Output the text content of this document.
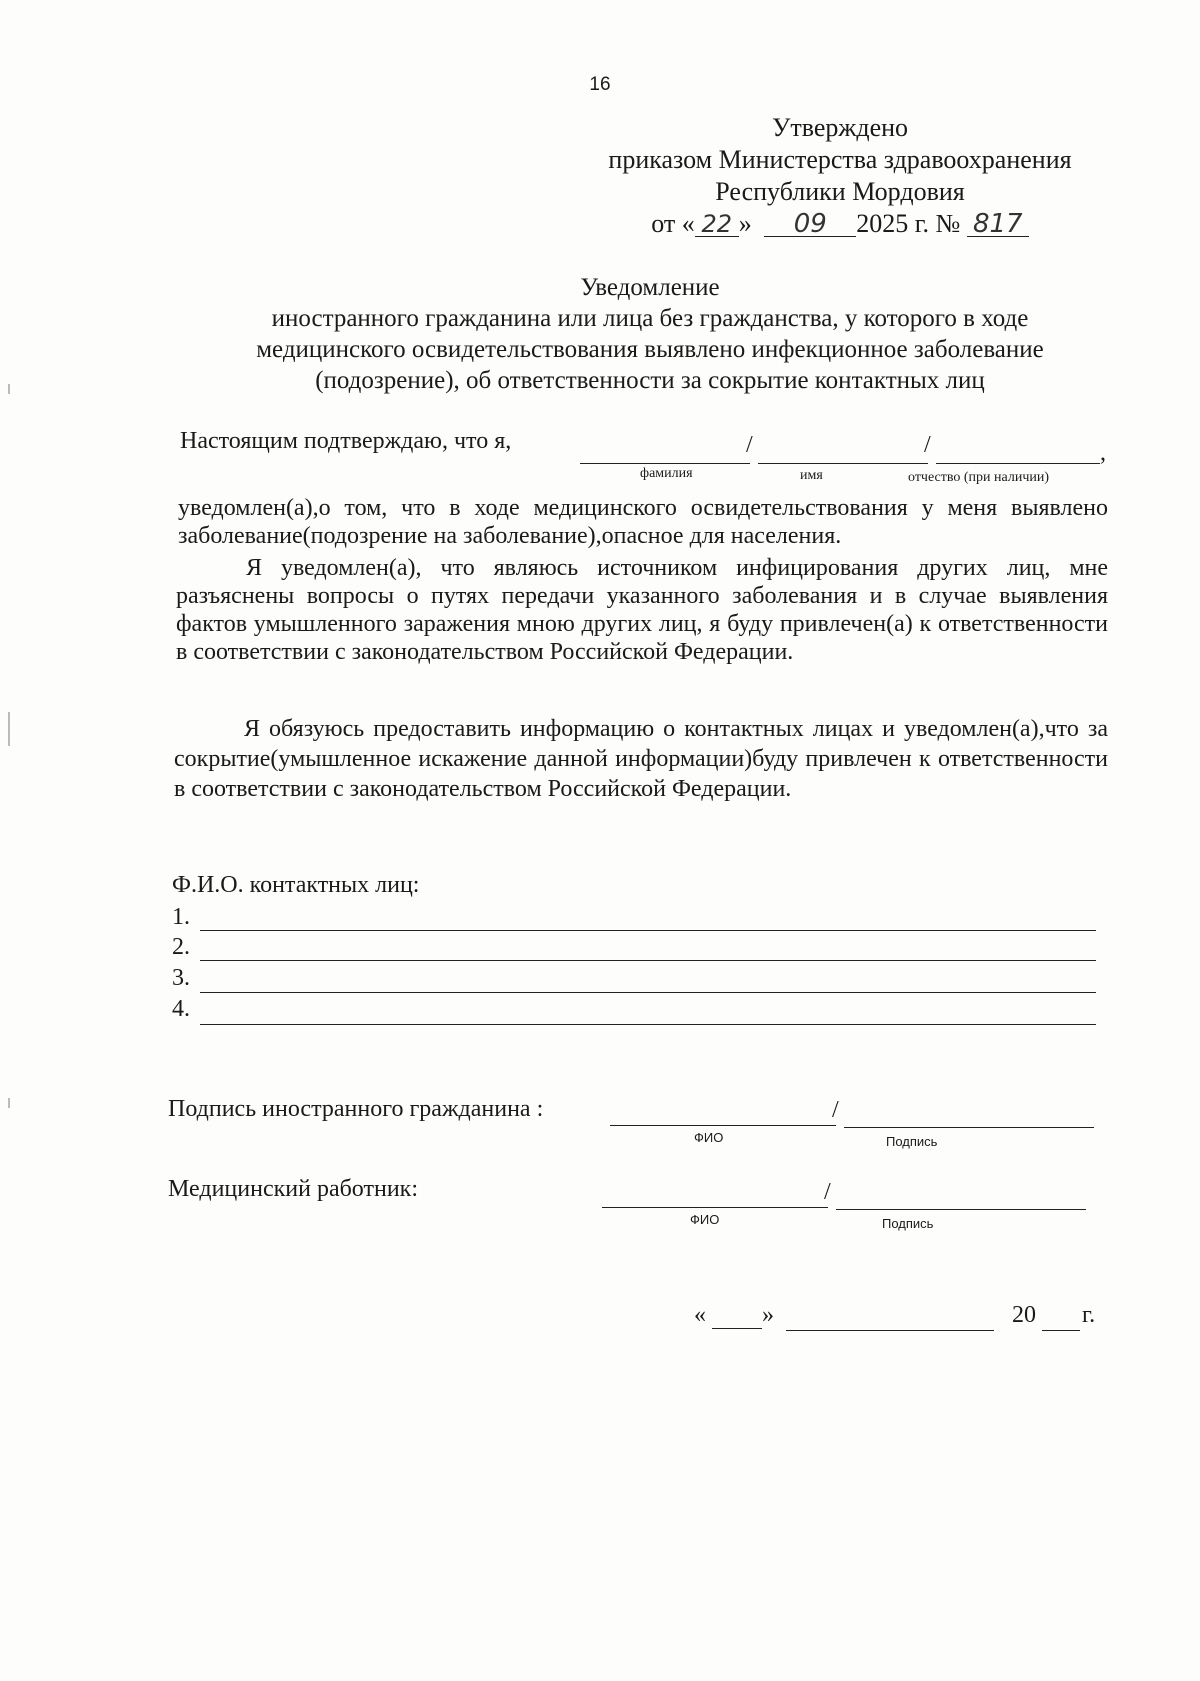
16
Утверждено
приказом Министерства здравоохранения
Республики Мордовия
от « 22 » 09 2025 г. № 817
Уведомление
иностранного гражданина или лица без гражданства, у которого в ходе
медицинского освидетельствования выявлено инфекционное заболевание
(подозрение), об ответственности за сокрытие контактных лиц
Настоящим подтверждаю, что я,	/	/	,
фамилия	имя	отчество (при наличии)
уведомлен(а),о том, что в ходе медицинского освидетельствования у меня выявлено заболевание(подозрение на заболевание),опасное для населения.
Я уведомлен(а), что являюсь источником инфицирования других лиц, мне разъяснены вопросы о путях передачи указанного заболевания и в случае выявления фактов умышленного заражения мною других лиц, я буду привлечен(а) к ответственности в соответствии с законодательством Российской Федерации.
Я обязуюсь предоставить информацию о контактных лицах и уведомлен(а),что за сокрытие(умышленное искажение данной информации)буду привлечен к ответственности в соответствии с законодательством Российской Федерации.
Ф.И.О. контактных лиц:
1.
2.
3.
4.
Подпись иностранного гражданина :	/
ФИО	Подпись
Медицинский работник:	/
ФИО	Подпись
« »	20 г.
